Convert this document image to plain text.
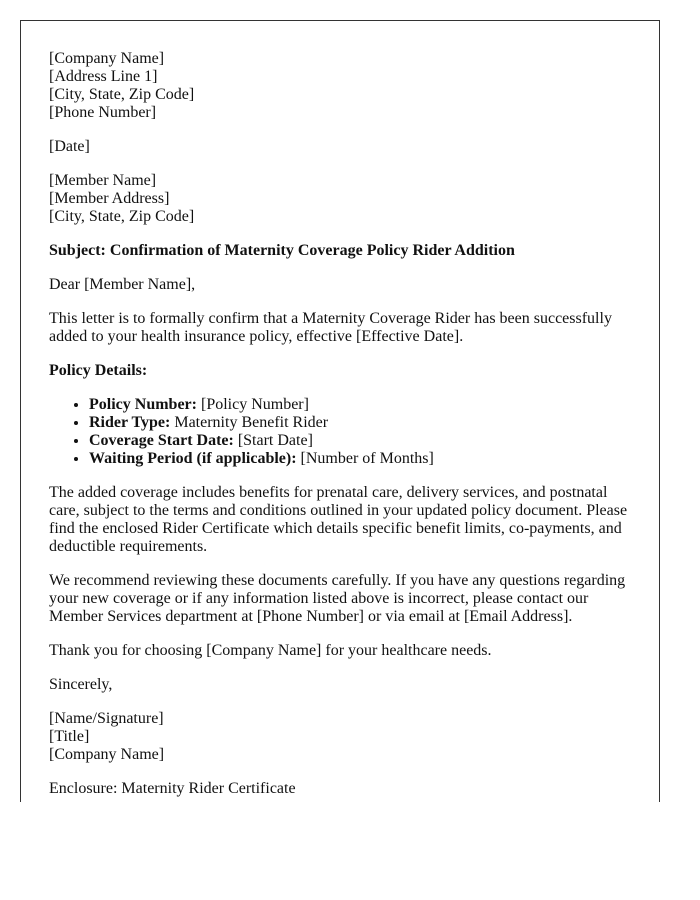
[Company Name]
[Address Line 1]
[City, State, Zip Code]
[Phone Number]

[Date]

[Member Name]
[Member Address]
[City, State, Zip Code]

Subject: Confirmation of Maternity Coverage Policy Rider Addition

Dear [Member Name],

This letter is to formally confirm that a Maternity Coverage Rider has been successfully added to your health insurance policy, effective [Effective Date].

Policy Details:

• Policy Number: [Policy Number]
• Rider Type: Maternity Benefit Rider
• Coverage Start Date: [Start Date]
• Waiting Period (if applicable): [Number of Months]

The added coverage includes benefits for prenatal care, delivery services, and postnatal care, subject to the terms and conditions outlined in your updated policy document. Please find the enclosed Rider Certificate which details specific benefit limits, co-payments, and deductible requirements.

We recommend reviewing these documents carefully. If you have any questions regarding your new coverage or if any information listed above is incorrect, please contact our Member Services department at [Phone Number] or via email at [Email Address].

Thank you for choosing [Company Name] for your healthcare needs.

Sincerely,

[Name/Signature]
[Title]
[Company Name]

Enclosure: Maternity Rider Certificate
